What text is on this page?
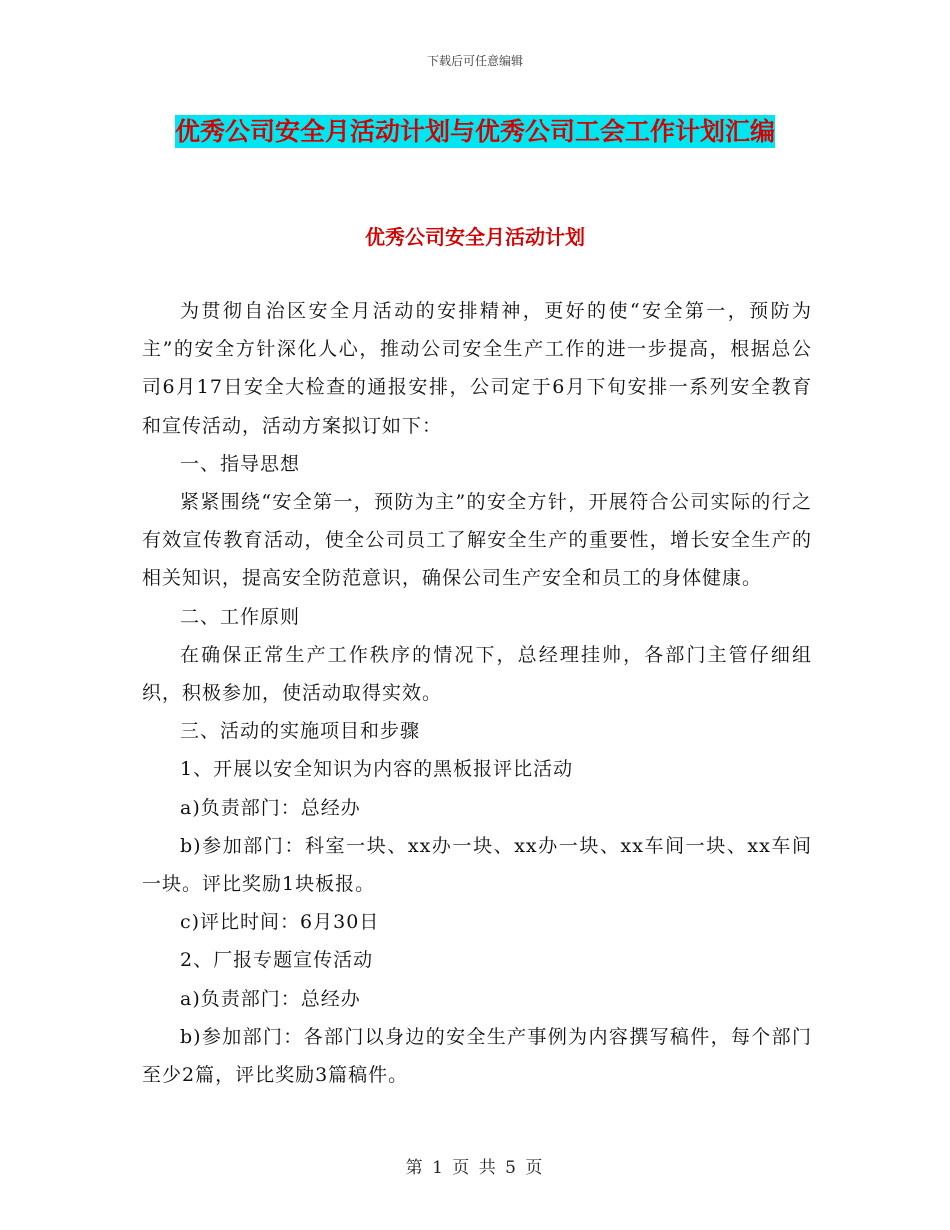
下载后可任意编辑
优秀公司安全月活动计划与优秀公司工会工作计划汇编
优秀公司安全月活动计划

为贯彻自治区安全月活动的安排精神，更好的使“安全第一，预防为主”的安全方针深化人心，推动公司安全生产工作的进一步提高，根据总公司6月17日安全大检查的通报安排，公司定于6月下旬安排一系列安全教育和宣传活动，活动方案拟订如下：

一、指导思想

紧紧围绕“安全第一，预防为主”的安全方针，开展符合公司实际的行之有效宣传教育活动，使全公司员工了解安全生产的重要性，增长安全生产的相关知识，提高安全防范意识，确保公司生产安全和员工的身体健康。

二、工作原则

在确保正常生产工作秩序的情况下，总经理挂帅，各部门主管仔细组织，积极参加，使活动取得实效。

三、活动的实施项目和步骤

1、开展以安全知识为内容的黑板报评比活动

a)负责部门：总经办

b)参加部门：科室一块、xx办一块、xx办一块、xx车间一块、xx车间一块。评比奖励1块板报。

c)评比时间：6月30日

2、厂报专题宣传活动

a)负责部门：总经办

b)参加部门：各部门以身边的安全生产事例为内容撰写稿件，每个部门至少2篇，评比奖励3篇稿件。

第 1 页 共 5 页
